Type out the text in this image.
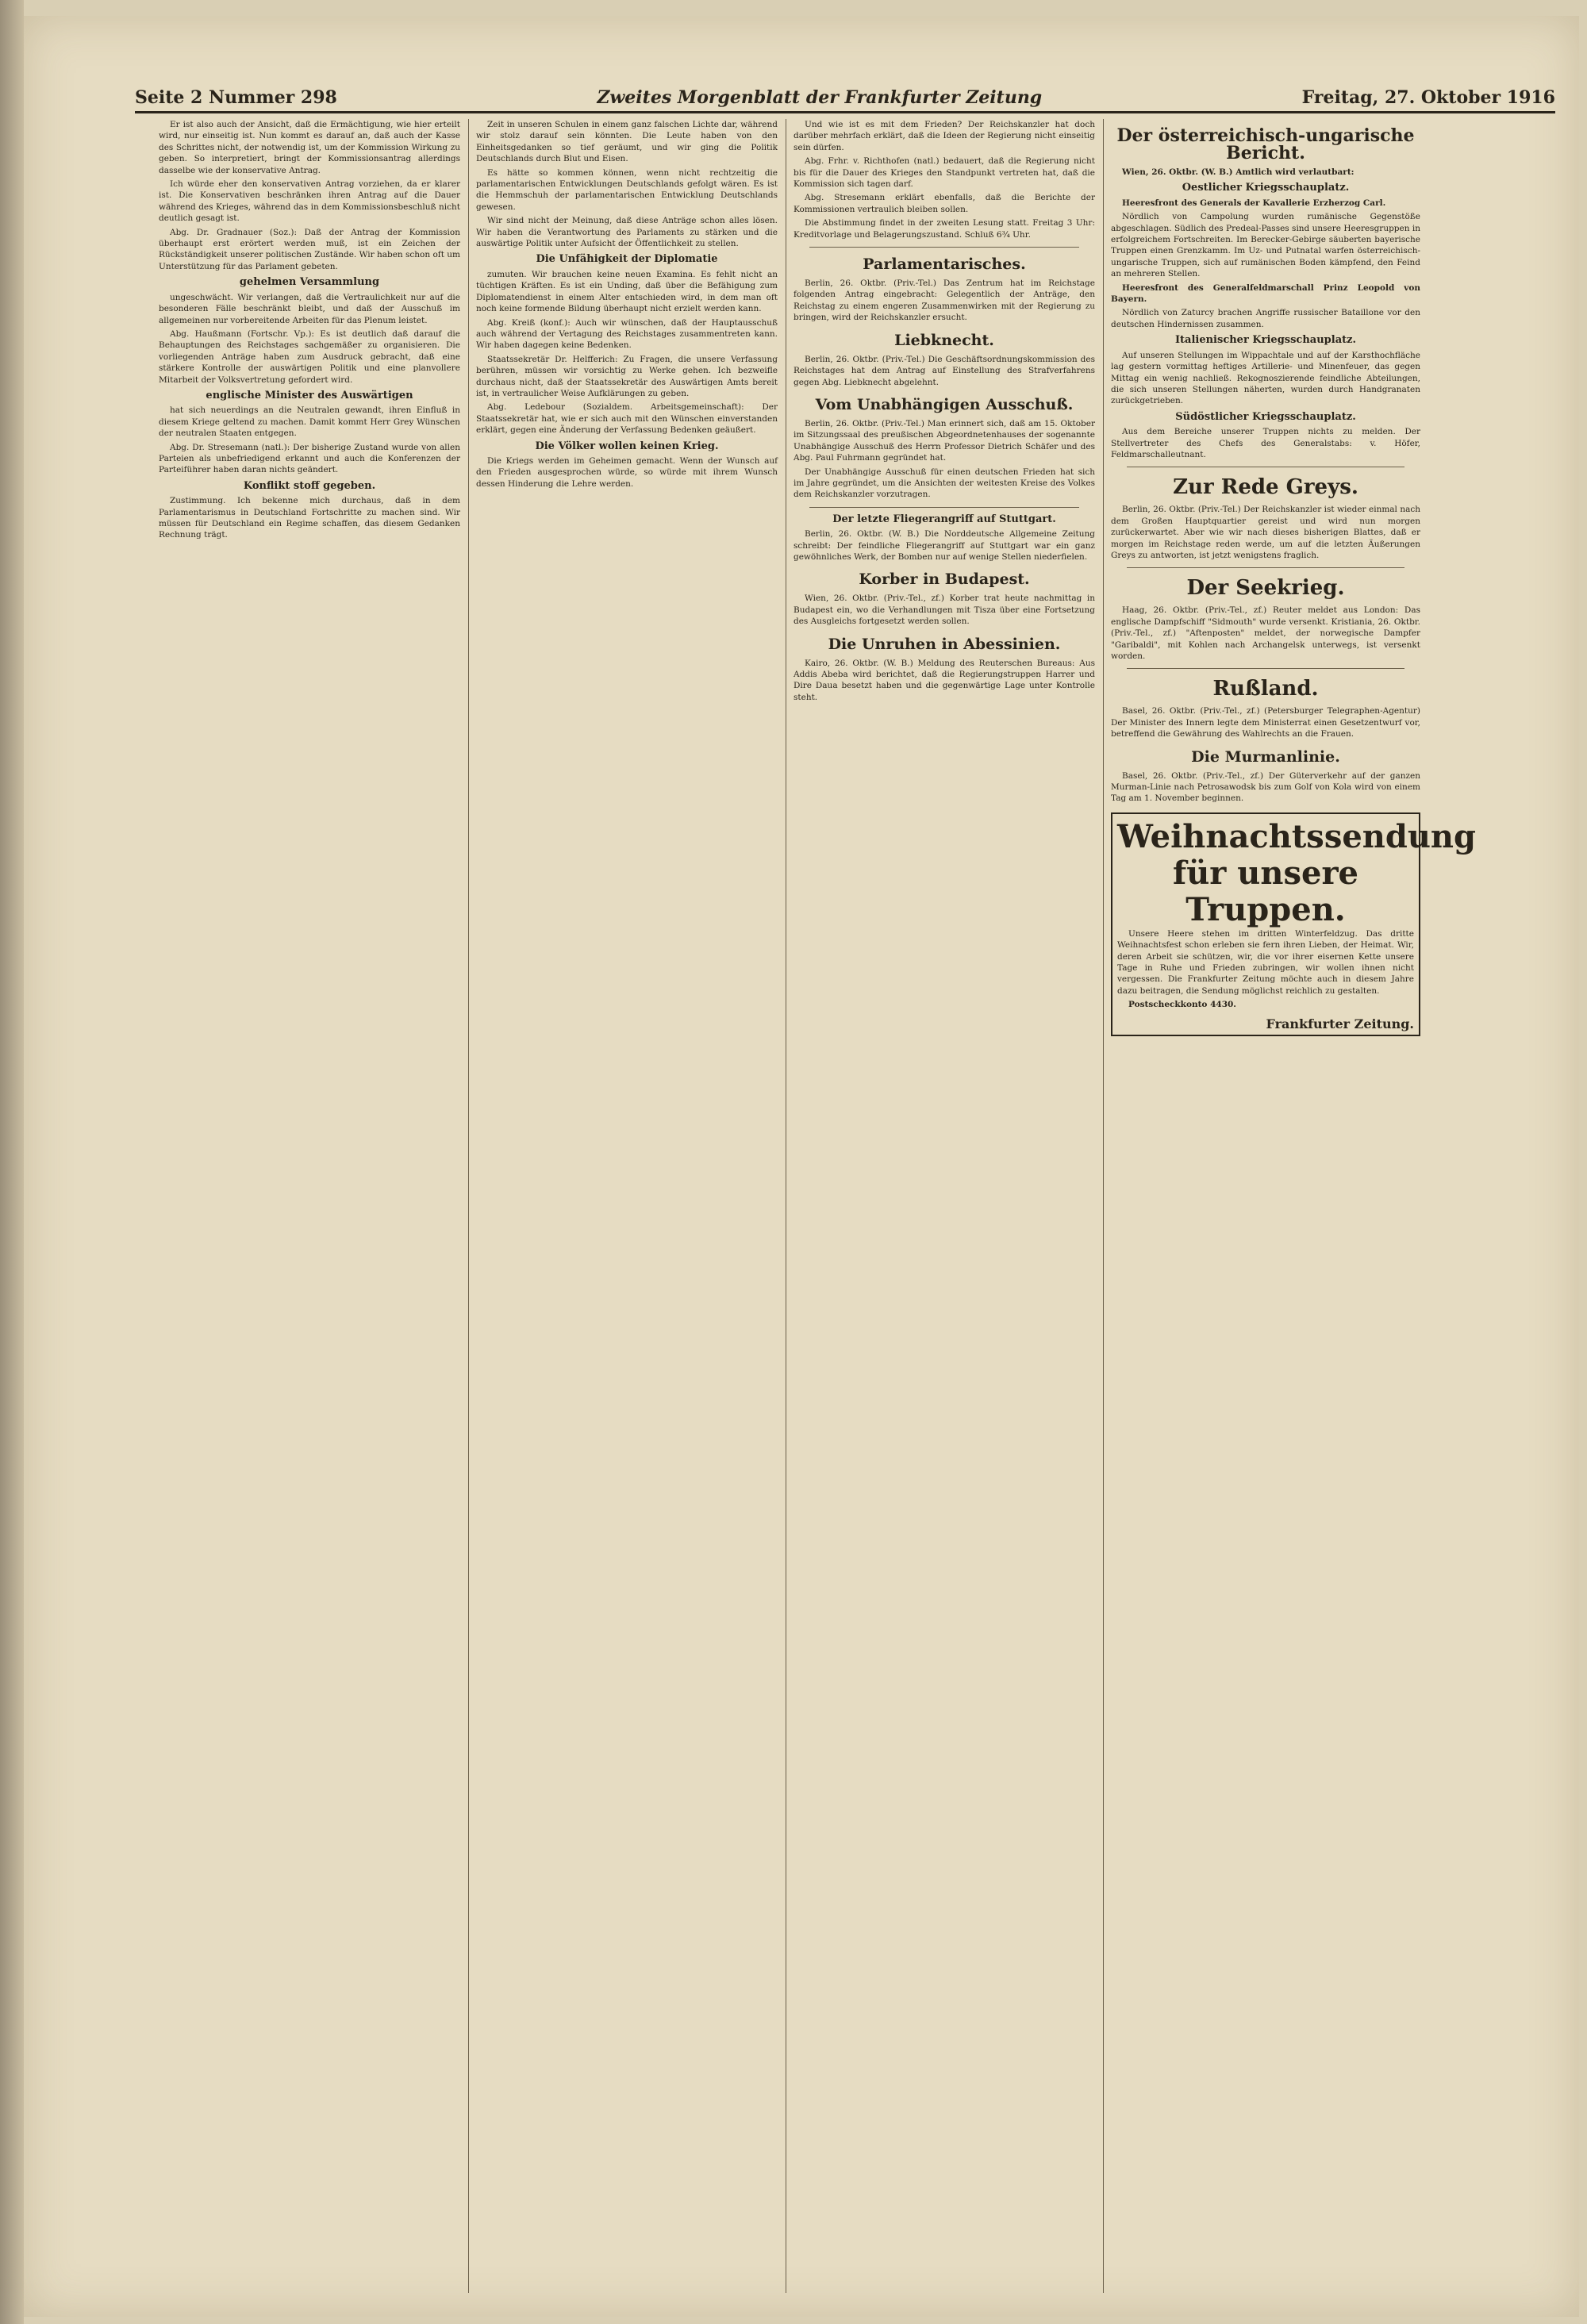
Seite 2 Nummer 298	Zweites Morgenblatt der Frankfurter Zeitung	Freitag, 27. Oktober 1916

Er ist also auch der Ansicht, daß die Ermächtigung, wie hier erteilt wird, nur einseitig ist. Nun kommt es darauf an, daß auch der Kasse des Schrittes nicht, der notwendig ist, um der Kommission Wirkung zu geben. So interpretiert, bringt der Kommissionsantrag allerdings dasselbe wie der konservative Antrag.

Ich würde eher den konservativen Antrag vorziehen, da er klarer ist. Die Konservativen beschränken ihren Antrag auf die Dauer während des Krieges, während das in dem Kommissionsbeschluß nicht deutlich gesagt ist.

Abg. Dr. Gradnauer (Soz.): Daß der Antrag der Kommission überhaupt erst erörtert werden muß, ist ein Zeichen der Rückständigkeit unserer politischen Zustände. Wir haben schon oft um Unterstützung für das Parlament gebeten.

gehelmen Versammlung

ungeschwächt. Wir verlangen, daß die Vertraulichkeit nur auf die besonderen Fälle beschränkt bleibt, und daß der Ausschuß im allgemeinen nur vorbereitende Arbeiten für das Plenum leistet.

Abg. Haußmann (Fortschr. Vp.): Es ist deutlich daß darauf die Behauptungen des Reichstages sachgemäßer zu organisieren. Die vorliegenden Anträge haben zum Ausdruck gebracht, daß eine stärkere Kontrolle der auswärtigen Politik und eine planvollere Mitarbeit der Volksvertretung gefordert wird.

englische Minister des Auswärtigen

hat sich neuerdings an die Neutralen gewandt, ihren Einfluß in diesem Kriege geltend zu machen. Damit kommt Herr Grey Wünschen der neutralen Staaten entgegen.

Abg. Dr. Stresemann (natl.): Der bisherige Zustand wurde von allen Parteien als unbefriedigend erkannt und auch die Konferenzen der Parteiführer haben daran nichts geändert.

Konflikt stoff gegeben.

Zustimmung. Ich bekenne mich durchaus, daß in dem Parlamentarismus in Deutschland Fortschritte zu machen sind. Wir müssen für Deutschland ein Regime schaffen, das diesem Gedanken Rechnung trägt.

Zeit in unseren Schulen in einem ganz falschen Lichte dar, während wir stolz darauf sein könnten. Die Leute haben von den Einheitsgedanken so tief geräumt, und wir ging die Politik Deutschlands durch Blut und Eisen.

Es hätte so kommen können, wenn nicht rechtzeitig die parlamentarischen Entwicklungen Deutschlands gefolgt wären. Es ist die Hemmschuh der parlamentarischen Entwicklung Deutschlands gewesen.

Wir sind nicht der Meinung, daß diese Anträge schon alles lösen. Wir haben die Verantwortung des Parlaments zu stärken und die auswärtige Politik unter Aufsicht der Öffentlichkeit zu stellen.

Die Unfähigkeit der Diplomatie

zumuten. Wir brauchen keine neuen Examina. Es fehlt nicht an tüchtigen Kräften. Es ist ein Unding, daß über die Befähigung zum Diplomatendienst in einem Alter entschieden wird, in dem man oft noch keine formende Bildung überhaupt nicht erzielt werden kann.

Abg. Kreiß (konf.): Auch wir wünschen, daß der Hauptausschuß auch während der Vertagung des Reichstages zusammentreten kann. Wir haben dagegen keine Bedenken.

Staatssekretär Dr. Helfferich: Zu Fragen, die unsere Verfassung berühren, müssen wir vorsichtig zu Werke gehen. Ich bezweifle durchaus nicht, daß der Staatssekretär des Auswärtigen Amts bereit ist, in vertraulicher Weise Aufklärungen zu geben.

Abg. Ledebour (Sozialdem. Arbeitsgemeinschaft): Der Staatssekretär hat, wie er sich auch mit den Wünschen einverstanden erklärt, gegen eine Änderung der Verfassung Bedenken geäußert.

Die Völker wollen keinen Krieg.

Die Kriegs werden im Geheimen gemacht. Wenn der Wunsch auf den Frieden ausgesprochen würde, so würde mit ihrem Wunsch dessen Hinderung die Lehre werden.

Und wie ist es mit dem Frieden? Der Reichskanzler hat doch darüber mehrfach erklärt, daß die Ideen der Regierung nicht einseitig sein dürfen.

Abg. Frhr. v. Richthofen (natl.) bedauert, daß die Regierung nicht bis für die Dauer des Krieges den Standpunkt vertreten hat, daß die Kommission sich tagen darf.

Abg. Stresemann erklärt ebenfalls, daß die Berichte der Kommissionen vertraulich bleiben sollen.

Die Abstimmung findet in der zweiten Lesung statt. Freitag 3 Uhr: Kreditvorlage und Belagerungszustand. Schluß 6¾ Uhr.

Parlamentarisches.

Berlin, 26. Oktbr. (Priv.-Tel.) Das Zentrum hat im Reichstage folgenden Antrag eingebracht: Gelegentlich der Anträge, den Reichstag zu einem engeren Zusammenwirken mit der Regierung zu bringen, wird der Reichskanzler ersucht.

Liebknecht.

Berlin, 26. Oktbr. (Priv.-Tel.) Die Geschäftsordnungskommission des Reichstages hat dem Antrag auf Einstellung des Strafverfahrens gegen Abg. Liebknecht abgelehnt.

Vom Unabhängigen Ausschuß.

Berlin, 26. Oktbr. (Priv.-Tel.) Man erinnert sich, daß am 15. Oktober im Sitzungssaal des preußischen Abgeordnetenhauses der sogenannte Unabhängige Ausschuß des Herrn Professor Dietrich Schäfer und des Abg. Paul Fuhrmann gegründet hat.

Der Unabhängige Ausschuß für einen deutschen Frieden hat sich im Jahre gegründet, um die Ansichten der weitesten Kreise des Volkes dem Reichskanzler vorzutragen.

Der letzte Fliegerangriff auf Stuttgart.

Berlin, 26. Oktbr. (W. B.) Die Norddeutsche Allgemeine Zeitung schreibt: Der feindliche Fliegerangriff auf Stuttgart war ein ganz gewöhnliches Werk, der Bomben nur auf wenige Stellen niederfielen.

Korber in Budapest.

Wien, 26. Oktbr. (Priv.-Tel., zf.) Korber trat heute nachmittag in Budapest ein, wo die Verhandlungen mit Tisza über eine Fortsetzung des Ausgleichs fortgesetzt werden sollen.

Die Unruhen in Abessinien.

Kairo, 26. Oktbr. (W. B.) Meldung des Reuterschen Bureaus: Aus Addis Abeba wird berichtet, daß die Regierungstruppen Harrer und Dire Daua besetzt haben und die gegenwärtige Lage unter Kontrolle steht.

Der österreichisch-ungarische Bericht.

Wien, 26. Oktbr. (W. B.) Amtlich wird verlautbart:

Oestlicher Kriegsschauplatz.

Heeresfront des Generals der Kavallerie Erzherzog Carl.

Nördlich von Campolung wurden rumänische Gegenstöße abgeschlagen. Südlich des Predeal-Passes sind unsere Heeresgruppen in erfolgreichem Fortschreiten. Im Berecker-Gebirge säuberten bayerische Truppen einen Grenzkamm. Im Uz- und Putnatal warfen österreichisch-ungarische Truppen, sich auf rumänischen Boden kämpfend, den Feind an mehreren Stellen.

Heeresfront des Generalfeldmarschall Prinz Leopold von Bayern.

Nördlich von Zaturcy brachen Angriffe russischer Bataillone vor den deutschen Hindernissen zusammen.

Italienischer Kriegsschauplatz.

Auf unseren Stellungen im Wippachtale und auf der Karsthochfläche lag gestern vormittag heftiges Artillerie- und Minenfeuer, das gegen Mittag ein wenig nachließ. Rekognoszierende feindliche Abteilungen, die sich unseren Stellungen näherten, wurden durch Handgranaten zurückgetrieben.

Südöstlicher Kriegsschauplatz.

Aus dem Bereiche unserer Truppen nichts zu melden. Der Stellvertreter des Chefs des Generalstabs: v. Höfer, Feldmarschalleutnant.

Zur Rede Greys.

Berlin, 26. Oktbr. (Priv.-Tel.) Der Reichskanzler ist wieder einmal nach dem Großen Hauptquartier gereist und wird nun morgen zurückerwartet. Aber wie wir nach dieses bisherigen Blattes, daß er morgen im Reichstage reden werde, um auf die letzten Äußerungen Greys zu antworten, ist jetzt wenigstens fraglich.

Der Seekrieg.

Haag, 26. Oktbr. (Priv.-Tel., zf.) Reuter meldet aus London: Das englische Dampfschiff "Sidmouth" wurde versenkt. Kristiania, 26. Oktbr. (Priv.-Tel., zf.) "Aftenposten" meldet, der norwegische Dampfer "Garibaldi", mit Kohlen nach Archangelsk unterwegs, ist versenkt worden.

Rußland.

Basel, 26. Oktbr. (Priv.-Tel., zf.) (Petersburger Telegraphen-Agentur) Der Minister des Innern legte dem Ministerrat einen Gesetzentwurf vor, betreffend die Gewährung des Wahlrechts an die Frauen.

Die Murmanlinie.

Basel, 26. Oktbr. (Priv.-Tel., zf.) Der Güterverkehr auf der ganzen Murman-Linie nach Petrosawodsk bis zum Golf von Kola wird von einem Tag am 1. November beginnen.

Weihnachtssendung für unsere Truppen.

Unsere Heere stehen im dritten Winterfeldzug. Das dritte Weihnachtsfest schon erleben sie fern ihren Lieben, der Heimat. Wir, deren Arbeit sie schützen, wir, die vor ihrer eisernen Kette unsere Tage in Ruhe und Frieden zubringen, wir wollen ihnen nicht vergessen. Die Frankfurter Zeitung möchte auch in diesem Jahre dazu beitragen, die Sendung möglichst reichlich zu gestalten.

Postscheckkonto 4430.

Frankfurter Zeitung.
